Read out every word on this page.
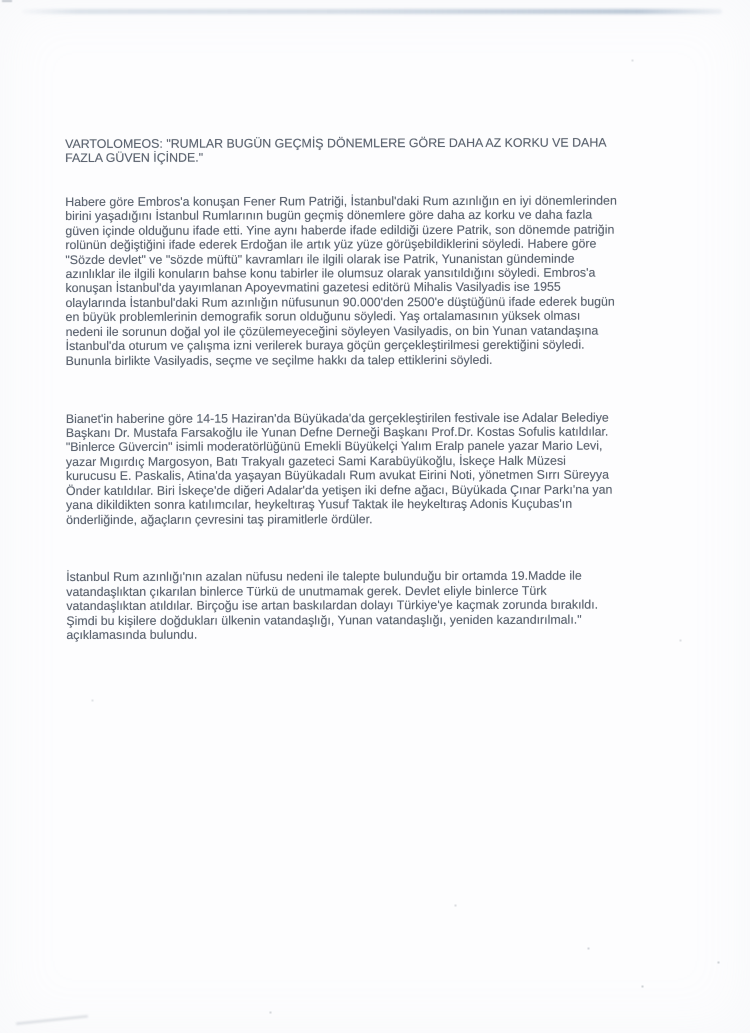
VARTOLOMEOS: "RUMLAR BUGÜN GEÇMİŞ DÖNEMLERE GÖRE DAHA AZ KORKU VE DAHA
FAZLA GÜVEN İÇİNDE."

Habere göre Embros'a konuşan Fener Rum Patriği, İstanbul'daki Rum azınlığın en iyi dönemlerinden
birini yaşadığını İstanbul Rumlarının bugün geçmiş dönemlere göre daha az korku ve daha fazla
güven içinde olduğunu ifade etti. Yine aynı haberde ifade edildiği üzere Patrik, son dönemde patriğin
rolünün değiştiğini ifade ederek Erdoğan ile artık yüz yüze görüşebildiklerini söyledi. Habere göre
"Sözde devlet" ve "sözde müftü" kavramları ile ilgili olarak ise Patrik, Yunanistan gündeminde
azınlıklar ile ilgili konuların bahse konu tabirler ile olumsuz olarak yansıtıldığını söyledi. Embros'a
konuşan İstanbul'da yayımlanan Apoyevmatini gazetesi editörü Mihalis Vasilyadis ise 1955
olaylarında İstanbul'daki Rum azınlığın nüfusunun 90.000'den 2500'e düştüğünü ifade ederek bugün
en büyük problemlerinin demografik sorun olduğunu söyledi. Yaş ortalamasının yüksek olması
nedeni ile sorunun doğal yol ile çözülemeyeceğini söyleyen Vasilyadis, on bin Yunan vatandaşına
İstanbul'da oturum ve çalışma izni verilerek buraya göçün gerçekleştirilmesi gerektiğini söyledi.
Bununla birlikte Vasilyadis, seçme ve seçilme hakkı da talep ettiklerini söyledi.

Bianet'in haberine göre 14-15 Haziran'da Büyükada'da gerçekleştirilen festivale ise Adalar Belediye
Başkanı Dr. Mustafa Farsakoğlu ile Yunan Defne Derneği Başkanı Prof.Dr. Kostas Sofulis katıldılar.
"Binlerce Güvercin" isimli moderatörlüğünü Emekli Büyükelçi Yalım Eralp panele yazar Mario Levi,
yazar Mıgırdıç Margosyon, Batı Trakyalı gazeteci Sami Karabüyükoğlu, İskeçe Halk Müzesi
kurucusu E. Paskalis, Atina'da yaşayan Büyükadalı Rum avukat Eirini Noti, yönetmen Sırrı Süreyya
Önder katıldılar. Biri İskeçe'de diğeri Adalar'da yetişen iki defne ağacı, Büyükada Çınar Parkı'na yan
yana dikildikten sonra katılımcılar, heykeltıraş Yusuf Taktak ile heykeltıraş Adonis Kuçubas'ın
önderliğinde, ağaçların çevresini taş piramitlerle ördüler.

İstanbul Rum azınlığı'nın azalan nüfusu nedeni ile talepte bulunduğu bir ortamda 19.Madde ile
vatandaşlıktan çıkarılan binlerce Türkü de unutmamak gerek. Devlet eliyle binlerce Türk
vatandaşlıktan atıldılar. Birçoğu ise artan baskılardan dolayı Türkiye'ye kaçmak zorunda bırakıldı.
Şimdi bu kişilere doğdukları ülkenin vatandaşlığı, Yunan vatandaşlığı, yeniden kazandırılmalı."
açıklamasında bulundu.
